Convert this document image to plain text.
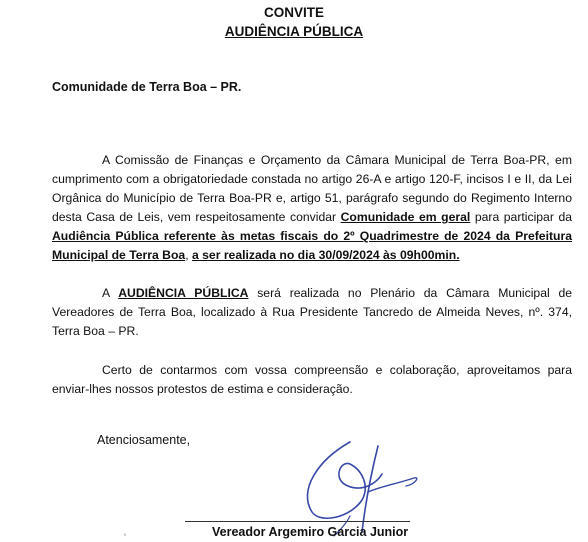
CONVITE
AUDIÊNCIA PÚBLICA
Comunidade de Terra Boa – PR.
A Comissão de Finanças e Orçamento da Câmara Municipal de Terra Boa-PR, em cumprimento com a obrigatoriedade constada no artigo 26-A e artigo 120-F, incisos I e II, da Lei Orgânica do Município de Terra Boa-PR e, artigo 51, parágrafo segundo do Regimento Interno desta Casa de Leis, vem respeitosamente convidar Comunidade em geral para participar da Audiência Pública referente às metas fiscais do 2º Quadrimestre de 2024 da Prefeitura Municipal de Terra Boa, a ser realizada no dia 30/09/2024 às 09h00min.
A AUDIÊNCIA PÚBLICA será realizada no Plenário da Câmara Municipal de Vereadores de Terra Boa, localizado à Rua Presidente Tancredo de Almeida Neves, nº. 374, Terra Boa – PR.
Certo de contarmos com vossa compreensão e colaboração, aproveitamos para enviar-lhes nossos protestos de estima e consideração.
Atenciosamente,
Vereador Argemiro Garcia Junior
‘
